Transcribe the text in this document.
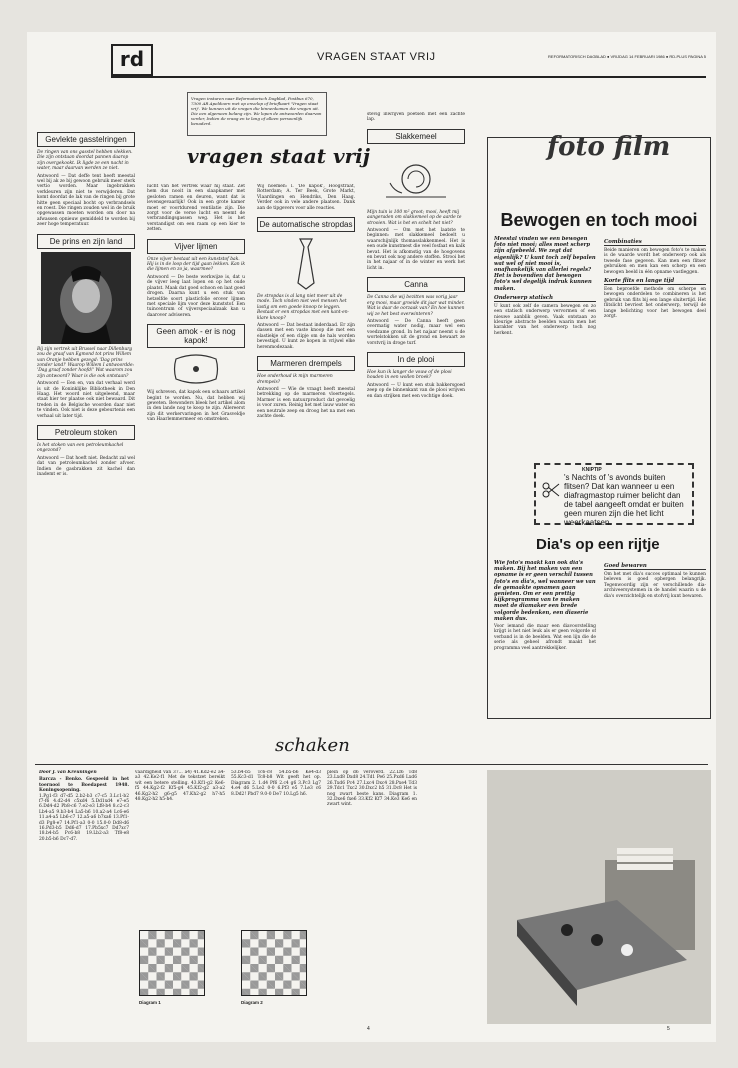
rd	VRAGEN STAAT VRIJ	REFORMATORISCH DAGBLAD ● VRIJDAG 14 FEBRUARI 1986 ● RD-PLUS PAGINA 5
Gevlekte gasstelringen

De ringen van ons gasstel hebben vlekken. Die zijn ontstaan doordat pannen daarop zijn overgekookt. Ik ligde ze een nacht in water, maar daarvan werden ze niet.

Antwoord — Dat deffe tent heeft meestal wel bij ak ze bij gewoon gebruik meer sterk vertio worden. Maar ingebrakken verkleuren zijn niet te verwijderen. Dat komt doordat de lak van de ringen bij grote hitte geen speciaal bocht op verbrandsels en roest. Die ringen zouden wel in de bruik opgewassen moeten worden om door na afwassen opnieuw gemiddeld te worden bij zeer hoge temperatuur.

De prins en zijn land

Bij zijn vertrek uit Brussel naar Dillenburg zou de graaf van Egmond tot prins Willem van Oranje hebben gezegd: 'Dag prins zonder land!' Waarop Willem I antwoordde: 'Dag graaf zonder hoofd!' Wat waarom zou zijn antwoord? Waar is die ook ontstaan?

Antwoord — Een en, van dat verhaal werd is uit de Koninklijke Bibliotheek in Den Haag. Het woord niet uitgeleend, maar staat hier ter plaatse ook niet bewaard. Dit treden in de Belgische woorden daar niet te vinden. Ook niet is deze gebeurtenis een verhaal uit later tijd.

Petroleum stoken

Is het stoken van een petroleumkachel ongezond?

Antwoord — Dat hoeft niet. Bedacht zal wel dat van petroleumkachel zonder afvoer. Indien de gasbrakken zit kachel dan inademt er is.

Vragen insturen naar Reformatorisch Dagblad, Postbus 670, 7300 AR Apeldoorn met op envelop of briefkaart 'Vragen staat vrij'. We kunnen uit de vragen die binnenkomen die vragen uit. Die een algemeen belang zijn. We lopen de antwoorden daarvan verder, Indien de vraag en te lang of alleen persoonlijk benaderd.
vragen staat vrij

lucht van het vertrek waar hij staat. Zet hem dus nooit in een slaapkamer met gesloten ramen en deuren, want dat is levensgevaarlijk! Ook in een grote kamer moet er voortdurend ventilatie zijn. Die zorgt voor de verse lucht en neemt de verbrandingsgassen weg. Het is het verstandigst om een raam op een kier te zetten.

Vijver lijmen

Onze vijver bestaat uit een kunststof bak. Hij is in de loop der tijd gaan lekken. Kan ik die lijmen en zo ja, waarmee?

Antwoord — De beste werkwijze is, dat u de vijver leeg laat lopen en op het oude plaatst. Maak dat goed schoon en laat goed drogen. Daarna kunt u een stuk van hetzelfde soort plasticfolie erover lijmen met speciale lijm voor deze kunststof. Een tuincentrum of vijverspeciaalzaak kan u daarover adviseren.

Geen amok - er is nog kapok!

Wij schreven, dat kapok een schaars artikel begint te worden. Nu, dat hebben wij geweten. Bewonders bleek het artikel alom in den lande nog te koop te zijn. Allereerst zijn dit werkervaringen in het Grasveldje van Haarlemmermeer en omstreken.

Wij noemen: l. 'De kapok', Hoogstraat, Rotterdam; A. Ter Beek, Grote Markt, Vlaardingen en Hendriks, Den Haag. Verder ook in vele andere plaatsen. Dank aan de tipgevers voor alle reacties.

De automatische stropdas

De stropdas is al lang niet meer uit de mode. Toch vinden niet veel mensen het lastig om een goede knoop te leggen. Bestaat er een stropdas met een kant-en-klare knoop?

Antwoord — Dat bestaat inderdaad. Er zijn dassen met een vaste knoop die met een elastiekje of een clipje om de hals worden bevestigd. U kunt ze kopen in vrijwel elke herenmodezaak.

Marmeren drempels

Hoe onderhoud ik mijn marmeren drempels?

Antwoord — Wie de vraagt heeft meestal betrekking op de marmeren vloertegels. Marmer is een natuurproduct dat gevoelig is voor zuren. Reinig het met lauw water en een neutrale zeep en droog het na met een zachte doek.

stevig inwrijven poetsen met een zachte lap.

Slakkemeel

Mijn tuin is 100 m² groot; mooi, heeft mij aangeraden om slakkemeel op de aarde te strooien. Wat is het en schelt het niet?

Antwoord — Om met het laatste te beginnen: met slakkemeel bedoelt u waarschijnlijk thomasslakkenmeel. Het is een oude kunstmest die veel fosfaat en kalk bevat. Het is afkomstig van de hoogovens en bevat ook nog andere stoffen. Strooi het in het najaar of in de winter en werk het licht in.

Canna

De Canna die wij bezitten was vorig jaar erg mooi, maar groeide dit jaar wat minder. Wat is daar de oorzaak van? En hoe kunnen wij ze het best overwinteren?

Antwoord — De Canna heeft geen overmatig water nodig, maar wel een voedzame grond. In het najaar neemt u de wortelstokken uit de grond en bewaart ze vorstvrij in droge turf.

In de plooi

Hoe kun ik langer de vouw of de plooi houden in een wollen broek?

Antwoord — U kunt een stuk bakkersgoed zeep op de binnenkant van de plooi wrijven en dan strijken met een vochtige doek.

foto film
Bewogen en toch mooi

Meestal vinden we een bewogen foto niet mooi; alles moet scherp zijn afgebeeld. We zegt dat eigenlijk? U kunt toch zelf bepalen wat wel of niet mooi is, onafhankelijk van allerlei regels? Het is bovendien dat bewogen foto's wel degelijk indruk kunnen maken.

Onderwerp statisch

U kunt ook zelf de camera bewegen en zo een statisch onderwerp vervormen of een nieuwe aanblik geven. Vaak ontstaan zo kleurige abstracte beelden waarin men het karakter van het onderwerp toch nog herkent.

Combinaties

Beide manieren om bewogen foto's te maken is de waarde wordt het onderwerp ook als tweede fase gegeven. Kan men een flitser gebruiken en men kan een scherp en een bewogen beeld in één opname vastleggen.

Korte flits en lange tijd

Een beproefde methode om scherpe en bewogen onderdelen te combineren is het gebruik van flits bij een lange sluitertijd. Het flitslicht bevriest het onderwerp, terwijl de lange belichting voor het bewogen deel zorgt.

KNIPTIP
's Nachts of 's avonds buiten flitsen? Dat kan wanneer u een diafragmastop ruimer belicht dan de tabel aangeeft omdat er buiten geen muren zijn die het licht weerkaatsen.
Dia's op een rijtje

Wie foto's maakt kan ook dia's maken. Bij het maken van een opname is er geen verschil tussen foto's en dia's, wel wanneer we van de gemaakte opnamen gaan genieten. Om er een prettig kijkprogramma van te maken moet de diamaker een brede volgorde bedenken, een diaserie maken dus.

Voor iemand die maar een diavoorstelling krijgt is het niet leuk als er geen volgorde of verband is in de beelden. Wat een lijn die de serie als geheel afrondt maakt het programma veel aantrekkelijker.

Goed bewaren

Om het met dia's succes optimaal te kunnen beleven is goed opbergen belangrijk. Tegenwoordig zijn er verschillende dia-archiveersystemen in de handel waarin u de dia's overzichtelijk en stofvrij kunt bewaren.

schaken

Door J. van Kreuningen

Barcza - Benko. Gespeeld in het toernooi te Boedapest 1948. Koningsopening.

1.Pg1-f3 d7-d5 2.b2-b3 c7-c5 3.Lc1-b2 f7-f6 4.d2-d4 c5xd4 5.Dd1xd4 e7-e5 6.Dd4-d2 Pb8-c6 7.e2-e3 Lf8-b4 8.c2-c3 Lb4-a5 9.b3-b4 La5-b6 10.a2-a4 Lc6-e6 11.a4-a5 Lb6-c7 12.a5-a6 b7xa6 13.Pf1-d3 Pg8-e7 14.Pf1-a3 0-0 15.0-0 Dd8-d6 16.Pd3-b5 Dd6-d7 17.Pb5xc7 Dd7xc7 18.b4-b5 Pc6-b8 19.Lb2-a3 Tf8-e8 20.b5-b6 Dc7-d7.

vaardigheid van 37... a4) 41.Kd2-e2 a4-a3 42.Ke2-f1 Met de tekstzet bereikt wit een betere stelling. 43.Kf1-g2 Ke6-f5 44.Kg2-f2 Kf5-g4 45.Kf2-g2 a3-a2 46.Kg2-h2 g6-g5 47.Kh2-g2 h7-h5 48.Kg2-h2 h5-h4.

53.b4-b5 Tc6-c8 54.b5-b6 Ke4-d3 55.Kc3-d1 Tc8-b8 Wit geeft het op. Diagram 2. 1.d4 Pf6 2.c4 g6 3.Pc3 Lg7 4.e4 d6 5.Le2 0-0 6.Pf3 e5 7.Le3 c6 8.Dd2! Pbd7 9.0-0 De7 10.Lg5 h6.

plein op d6 veroverd. 22.Lf6 Td8 23.Lxd8 Dxd8 24.Td1 Pe6 25.Pxd6 Lxd6 26.Txd6 Pc4 27.Lxc4 Dxc4 28.Pxe4 Td3 29.Tdc1 Txc2 30.Dxc2 h5 31.Dc8 Het is nog zwart beste kans. Diagram 1. 32.Dxe6 fxe6 33.Kf2 Kf7 34.Ke3 Ke6 en zwart wint.

Diagram 1	Diagram 2
4	5
